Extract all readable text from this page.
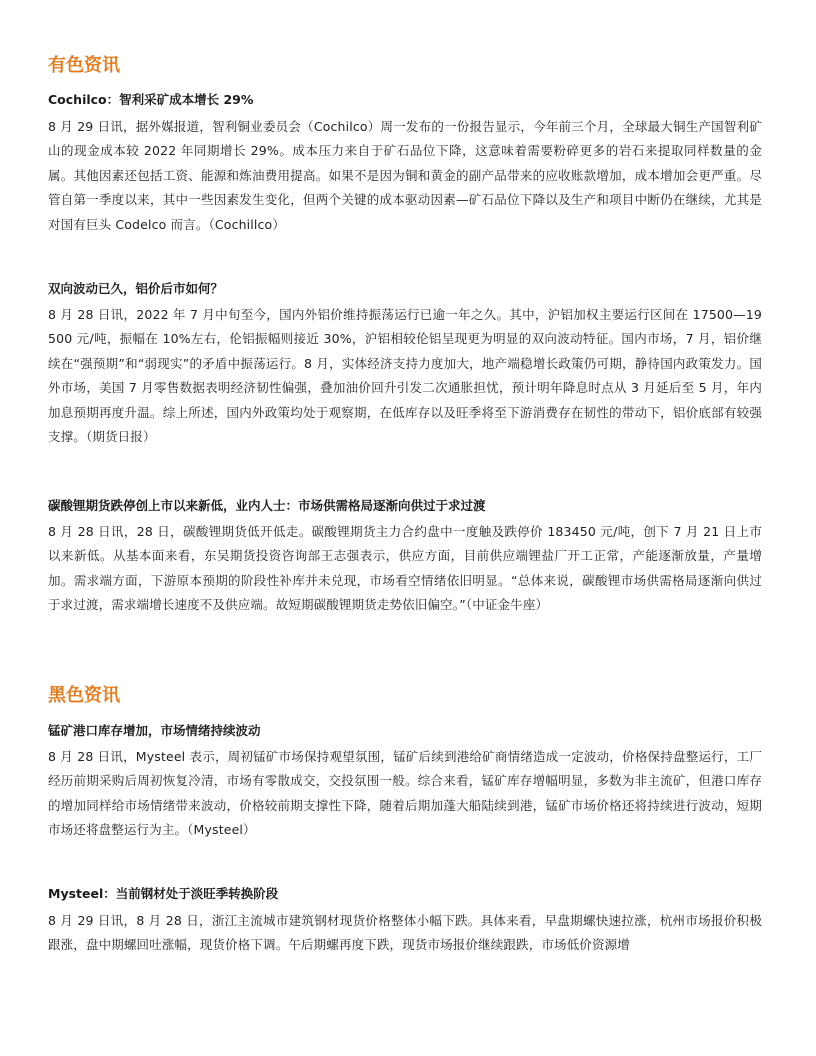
有色资讯
Cochilco：智利采矿成本增长 29%

8 月 29 日讯，据外媒报道，智利铜业委员会（Cochilco）周一发布的一份报告显示，今年前三个月，全球最大铜生产国智利矿山的现金成本较 2022 年同期增长 29%。成本压力来自于矿石品位下降，这意味着需要粉碎更多的岩石来提取同样数量的金属。其他因素还包括工资、能源和炼油费用提高。如果不是因为铜和黄金的副产品带来的应收账款增加，成本增加会更严重。尽管自第一季度以来，其中一些因素发生变化，但两个关键的成本驱动因素—矿石品位下降以及生产和项目中断仍在继续，尤其是对国有巨头 Codelco 而言。（Cochillco）

双向波动已久，铝价后市如何？

8 月 28 日讯，2022 年 7 月中旬至今，国内外铝价维持振荡运行已逾一年之久。其中，沪铝加权主要运行区间在 17500—19500 元/吨，振幅在 10%左右，伦铝振幅则接近 30%，沪铝相较伦铝呈现更为明显的双向波动特征。国内市场，7 月，铝价继续在“强预期”和“弱现实”的矛盾中振荡运行。8 月，实体经济支持力度加大，地产端稳增长政策仍可期，静待国内政策发力。国外市场，美国 7 月零售数据表明经济韧性偏强，叠加油价回升引发二次通胀担忧，预计明年降息时点从 3 月延后至 5 月，年内加息预期再度升温。综上所述，国内外政策均处于观察期，在低库存以及旺季将至下游消费存在韧性的带动下，铝价底部有较强支撑。（期货日报）

碳酸锂期货跌停创上市以来新低，业内人士：市场供需格局逐渐向供过于求过渡

8 月 28 日讯，28 日，碳酸锂期货低开低走。碳酸锂期货主力合约盘中一度触及跌停价 183450 元/吨，创下 7 月 21 日上市以来新低。从基本面来看，东吴期货投资咨询部王志强表示，供应方面，目前供应端锂盐厂开工正常，产能逐渐放量，产量增加。需求端方面，下游原本预期的阶段性补库并未兑现，市场看空情绪依旧明显。“总体来说，碳酸锂市场供需格局逐渐向供过于求过渡，需求端增长速度不及供应端。故短期碳酸锂期货走势依旧偏空。”（中证金牛座）

黑色资讯
锰矿港口库存增加，市场情绪持续波动

8 月 28 日讯，Mysteel 表示，周初锰矿市场保持观望氛围，锰矿后续到港给矿商情绪造成一定波动，价格保持盘整运行，工厂经历前期采购后周初恢复冷清，市场有零散成交，交投氛围一般。综合来看，锰矿库存增幅明显，多数为非主流矿，但港口库存的增加同样给市场情绪带来波动，价格较前期支撑性下降，随着后期加蓬大船陆续到港，锰矿市场价格还将持续进行波动，短期市场还将盘整运行为主。（Mysteel）

Mysteel：当前钢材处于淡旺季转换阶段

8 月 29 日讯，8 月 28 日，浙江主流城市建筑钢材现货价格整体小幅下跌。具体来看，早盘期螺快速拉涨，杭州市场报价积极跟涨，盘中期螺回吐涨幅，现货价格下调。午后期螺再度下跌，现货市场报价继续跟跌，市场低价资源增
